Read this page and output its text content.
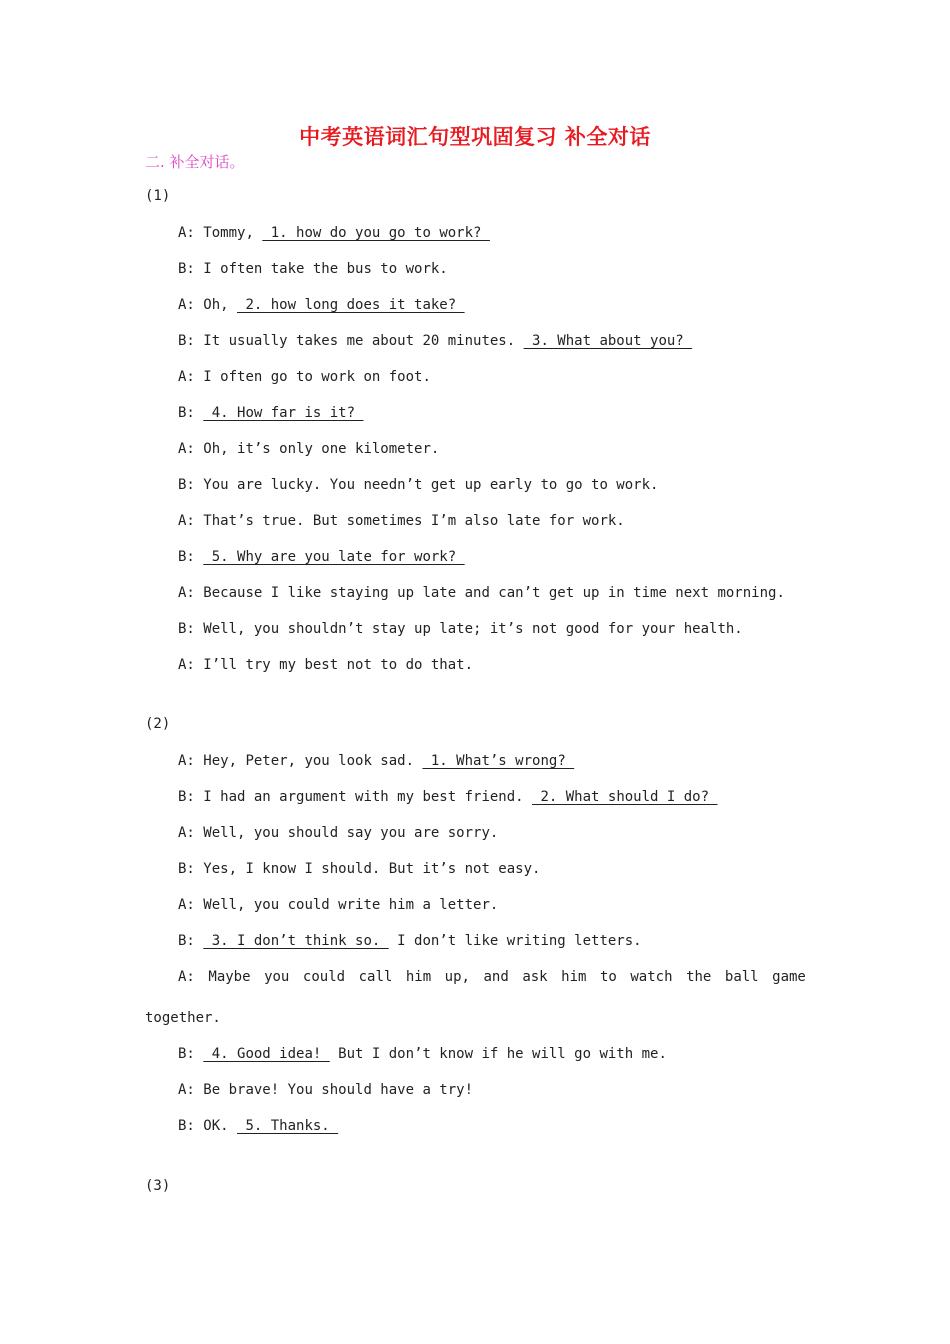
中考英语词汇句型巩固复习 补全对话
二. 补全对话。
(1)
A: Tommy,  1. how do you go to work?
B: I often take the bus to work.
A: Oh,  2. how long does it take?
B: It usually takes me about 20 minutes.  3. What about you?
A: I often go to work on foot.
B:  4. How far is it?
A: Oh, it’s only one kilometer.
B: You are lucky. You needn’t get up early to go to work.
A: That’s true. But sometimes I’m also late for work.
B:  5. Why are you late for work?
A: Because I like staying up late and can’t get up in time next morning.
B: Well, you shouldn’t stay up late; it’s not good for your health.
A: I’ll try my best not to do that.
(2)
A: Hey, Peter, you look sad.  1. What’s wrong?
B: I had an argument with my best friend.  2. What should I do?
A: Well, you should say you are sorry.
B: Yes, I know I should. But it’s not easy.
A: Well, you could write him a letter.
B:  3. I don’t think so.  I don’t like writing letters.
A: Maybe you could call him up, and ask him to watch the ball game
together.
B:  4. Good idea!  But I don’t know if he will go with me.
A: Be brave! You should have a try!
B: OK.  5. Thanks.
(3)
